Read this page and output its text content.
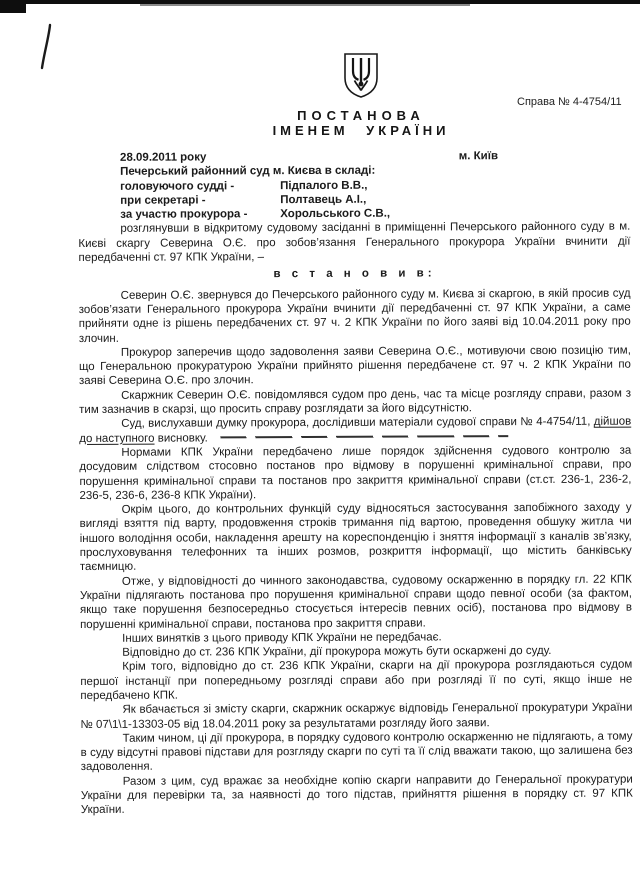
Справа № 4-4754/11
ПОСТАНОВА
ІМЕНЕМ УКРАЇНИ
28.09.2011 року	м. Київ
Печерський районний суд м. Києва в складі:
головуючого судді -	Підпалого В.В.,
при секретарі -	Полтавець А.І.,
за участю прокурора -	Хорольського С.В.,

розглянувши в відкритому судовому засіданні в приміщенні Печерського районного суду в м. Києві скаргу Северина О.Є. про зобов’язання Генерального прокурора України вчинити дії передбаченні ст. 97 КПК України, –

в с т а н о в и в:

Северин О.Є. звернувся до Печерського районного суду м. Києва зі скаргою, в якій просив суд зобов’язати Генерального прокурора України вчинити дії передбаченні ст. 97 КПК України, а саме прийняти одне із рішень передбачених ст. 97 ч. 2 КПК України по його заяві від 10.04.2011 року про злочин.

Прокурор заперечив щодо задоволення заяви Северина О.Є., мотивуючи свою позицію тим, що Генеральною прокуратурою України прийнято рішення передбачене ст. 97 ч. 2 КПК України по заяві Северина О.Є. про злочин.

Скаржник Северин О.Є. повідомлявся судом про день, час та місце розгляду справи, разом з тим зазначив в скарзі, що просить справу розглядати за його відсутністю.

Суд, вислухавши думку прокурора, дослідивши матеріали судової справи № 4-4754/11, дійшов до наступного висновку.

Нормами КПК України передбачено лише порядок здійснення судового контролю за досудовим слідством стосовно постанов про відмову в порушенні кримінальної справи, про порушення кримінальної справи та постанов про закриття кримінальної справи (ст.ст. 236-1, 236-2, 236-5, 236-6, 236-8 КПК України).

Окрім цього, до контрольних функцій суду відносяться застосування запобіжного заходу у вигляді взяття під варту, продовження строків тримання під вартою, проведення обшуку житла чи іншого володіння особи, накладення арешту на кореспонденцію і зняття інформації з каналів зв’язку, прослуховування телефонних та інших розмов, розкриття інформації, що містить банківську таємницю.

Отже, у відповідності до чинного законодавства, судовому оскарженню в порядку гл. 22 КПК України підлягають постанова про порушення кримінальної справи щодо певної особи (за фактом, якщо таке порушення безпосередньо стосується інтересів певних осіб), постанова про відмову в порушенні кримінальної справи, постанова про закриття справи.

Інших винятків з цього приводу КПК України не передбачає.

Відповідно до ст. 236 КПК України, дії прокурора можуть бути оскаржені до суду.

Крім того, відповідно до ст. 236 КПК України, скарги на дії прокурора розглядаються судом першої інстанції при попередньому розгляді справи або при розгляді її по суті, якщо інше не передбачено КПК.

Як вбачається зі змісту скарги, скаржник оскаржує відповідь Генеральної прокуратури України № 07\1\1-13303-05 від 18.04.2011 року за результатами розгляду його заяви.

Таким чином, ці дії прокурора, в порядку судового контролю оскарженню не підлягають, а тому в суду відсутні правові підстави для розгляду скарги по суті та її слід вважати такою, що залишена без задоволення.

Разом з цим, суд вражає за необхідне копію скарги направити до Генеральної прокуратури України для перевірки та, за наявності до того підстав, прийняття рішення в порядку ст. 97 КПК України.
